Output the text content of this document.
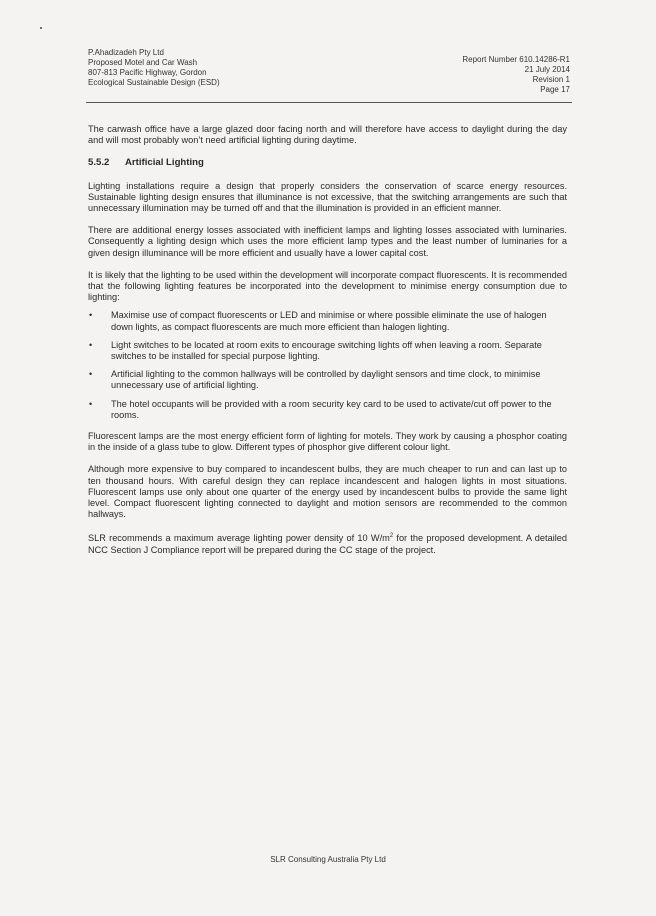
P.Ahadizadeh Pty Ltd
Proposed Motel and Car Wash
807-813 Pacific Highway, Gordon
Ecological Sustainable Design (ESD)
Report Number 610.14286-R1
21 July 2014
Revision 1
Page 17

The carwash office have a large glazed door facing north and will therefore have access to daylight during the day and will most probably won’t need artificial lighting during daytime.

5.5.2 Artificial Lighting

Lighting installations require a design that properly considers the conservation of scarce energy resources. Sustainable lighting design ensures that illuminance is not excessive, that the switching arrangements are such that unnecessary illumination may be turned off and that the illumination is provided in an efficient manner.

There are additional energy losses associated with inefficient lamps and lighting losses associated with luminaries. Consequently a lighting design which uses the more efficient lamp types and the least number of luminaries for a given design illuminance will be more efficient and usually have a lower capital cost.

It is likely that the lighting to be used within the development will incorporate compact fluorescents. It is recommended that the following lighting features be incorporated into the development to minimise energy consumption due to lighting:

• Maximise use of compact fluorescents or LED and minimise or where possible eliminate the use of halogen down lights, as compact fluorescents are much more efficient than halogen lighting.
• Light switches to be located at room exits to encourage switching lights off when leaving a room. Separate switches to be installed for special purpose lighting.
• Artificial lighting to the common hallways will be controlled by daylight sensors and time clock, to minimise unnecessary use of artificial lighting.
• The hotel occupants will be provided with a room security key card to be used to activate/cut off power to the rooms.

Fluorescent lamps are the most energy efficient form of lighting for motels. They work by causing a phosphor coating in the inside of a glass tube to glow. Different types of phosphor give different colour light.

Although more expensive to buy compared to incandescent bulbs, they are much cheaper to run and can last up to ten thousand hours. With careful design they can replace incandescent and halogen lights in most situations. Fluorescent lamps use only about one quarter of the energy used by incandescent bulbs to provide the same light level. Compact fluorescent lighting connected to daylight and motion sensors are recommended to the common hallways.

SLR recommends a maximum average lighting power density of 10 $W/m^2$ for the proposed development. A detailed NCC Section J Compliance report will be prepared during the CC stage of the project.

SLR Consulting Australia Pty Ltd
